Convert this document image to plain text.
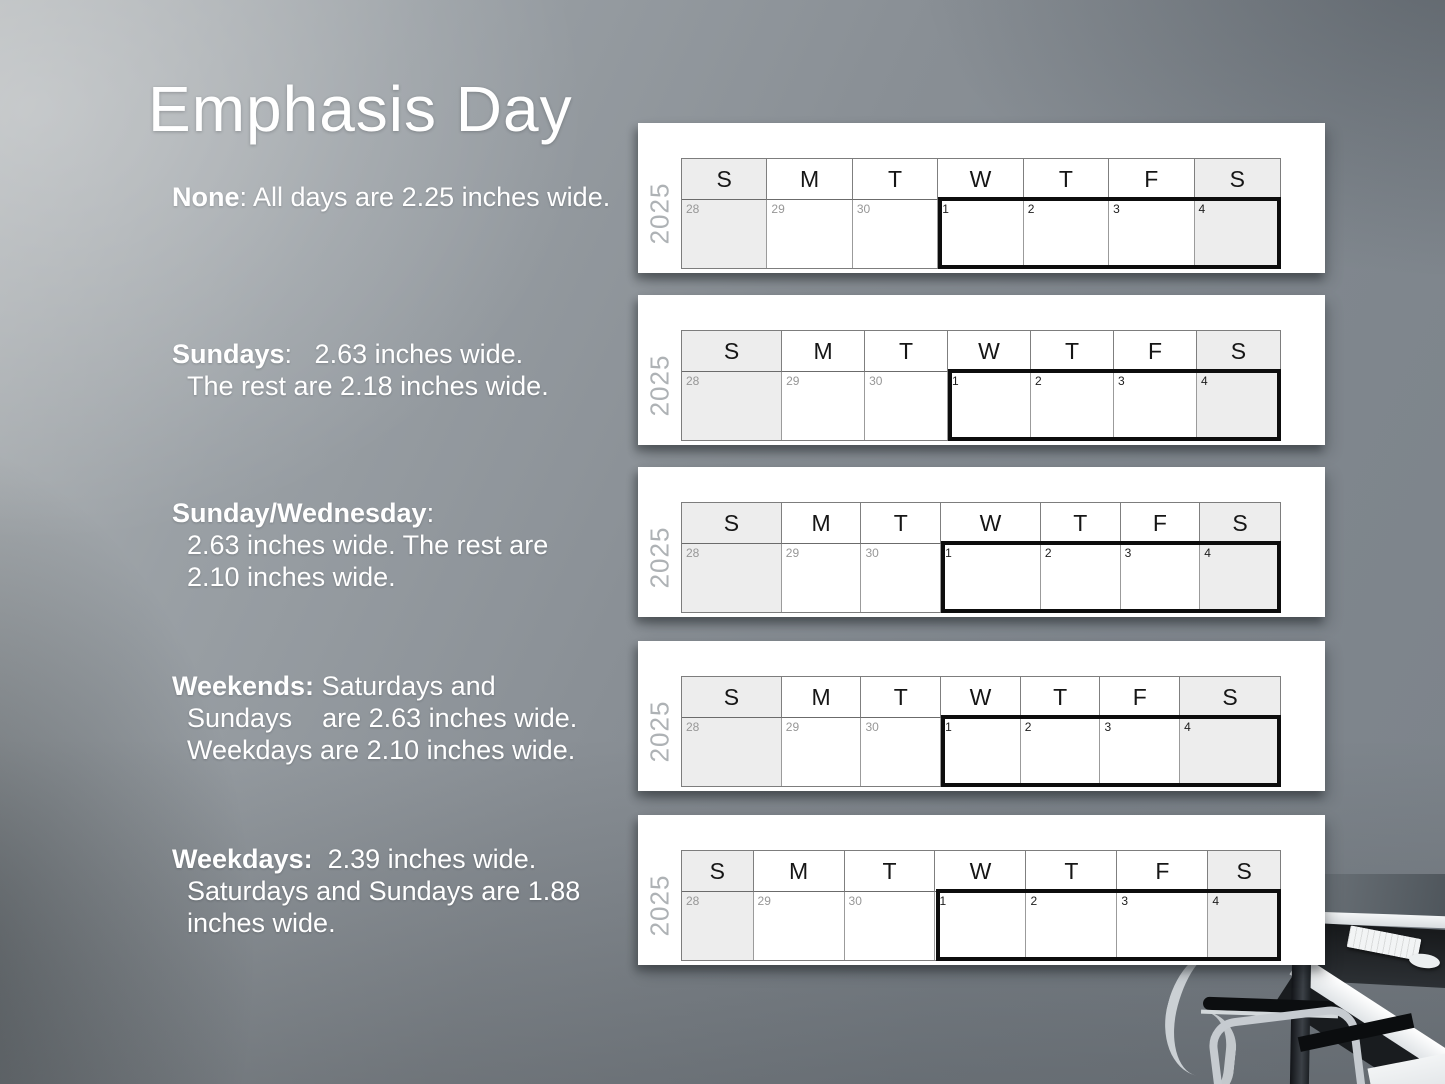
Emphasis Day
None: All days are 2.25 inches wide.
Sundays:   2.63 inches wide.
The rest are 2.18 inches wide.
Sunday/Wednesday:
2.63 inches wide. The rest are
2.10 inches wide.
Weekends: Saturdays and
Sundays    are 2.63 inches wide.
Weekdays are 2.10 inches wide.
Weekdays:  2.39 inches wide.
Saturdays and Sundays are 1.88
inches wide.
2025
S	M	T	W	T	F	S
28	29	30	1	2	3	4
2025
S	M	T	W	T	F	S
28	29	30	1	2	3	4
2025
S	M	T	W	T	F	S
28	29	30	1	2	3	4
2025
S	M	T	W	T	F	S
28	29	30	1	2	3	4
2025
S	M	T	W	T	F	S
28	29	30	1	2	3	4
